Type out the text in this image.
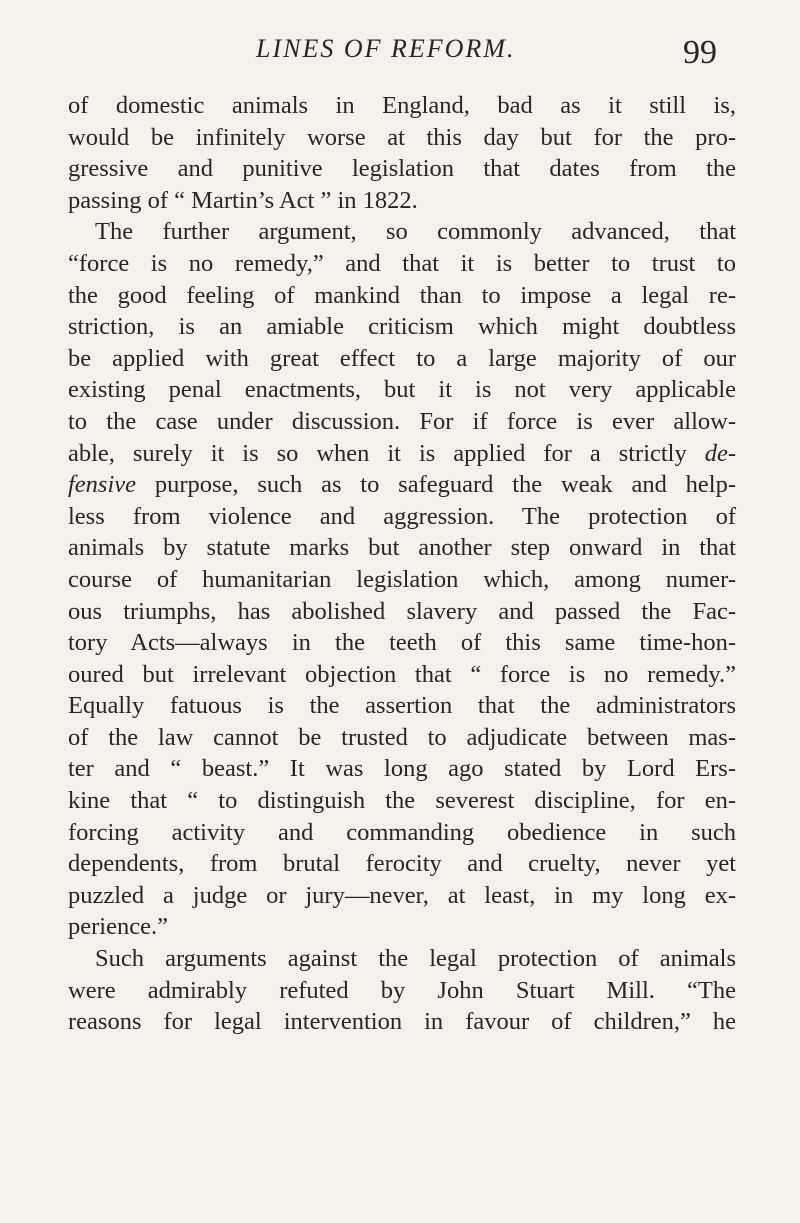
LINES OF REFORM.	99
of domestic animals in England, bad as it still is,
would be infinitely worse at this day but for the pro-
gressive and punitive legislation that dates from the
passing of “ Martin’s Act ” in 1822.
The further argument, so commonly advanced, that
“force is no remedy,” and that it is better to trust to
the good feeling of mankind than to impose a legal re-
striction, is an amiable criticism which might doubtless
be applied with great effect to a large majority of our
existing penal enactments, but it is not very applicable
to the case under discussion. For if force is ever allow-
able, surely it is so when it is applied for a strictly de-
fensive purpose, such as to safeguard the weak and help-
less from violence and aggression. The protection of
animals by statute marks but another step onward in that
course of humanitarian legislation which, among numer-
ous triumphs, has abolished slavery and passed the Fac-
tory Acts—always in the teeth of this same time-hon-
oured but irrelevant objection that “ force is no remedy.”
Equally fatuous is the assertion that the administrators
of the law cannot be trusted to adjudicate between mas-
ter and “ beast.” It was long ago stated by Lord Ers-
kine that “ to distinguish the severest discipline, for en-
forcing activity and commanding obedience in such
dependents, from brutal ferocity and cruelty, never yet
puzzled a judge or jury—never, at least, in my long ex-
perience.”
Such arguments against the legal protection of animals
were admirably refuted by John Stuart Mill. “The
reasons for legal intervention in favour of children,” he
